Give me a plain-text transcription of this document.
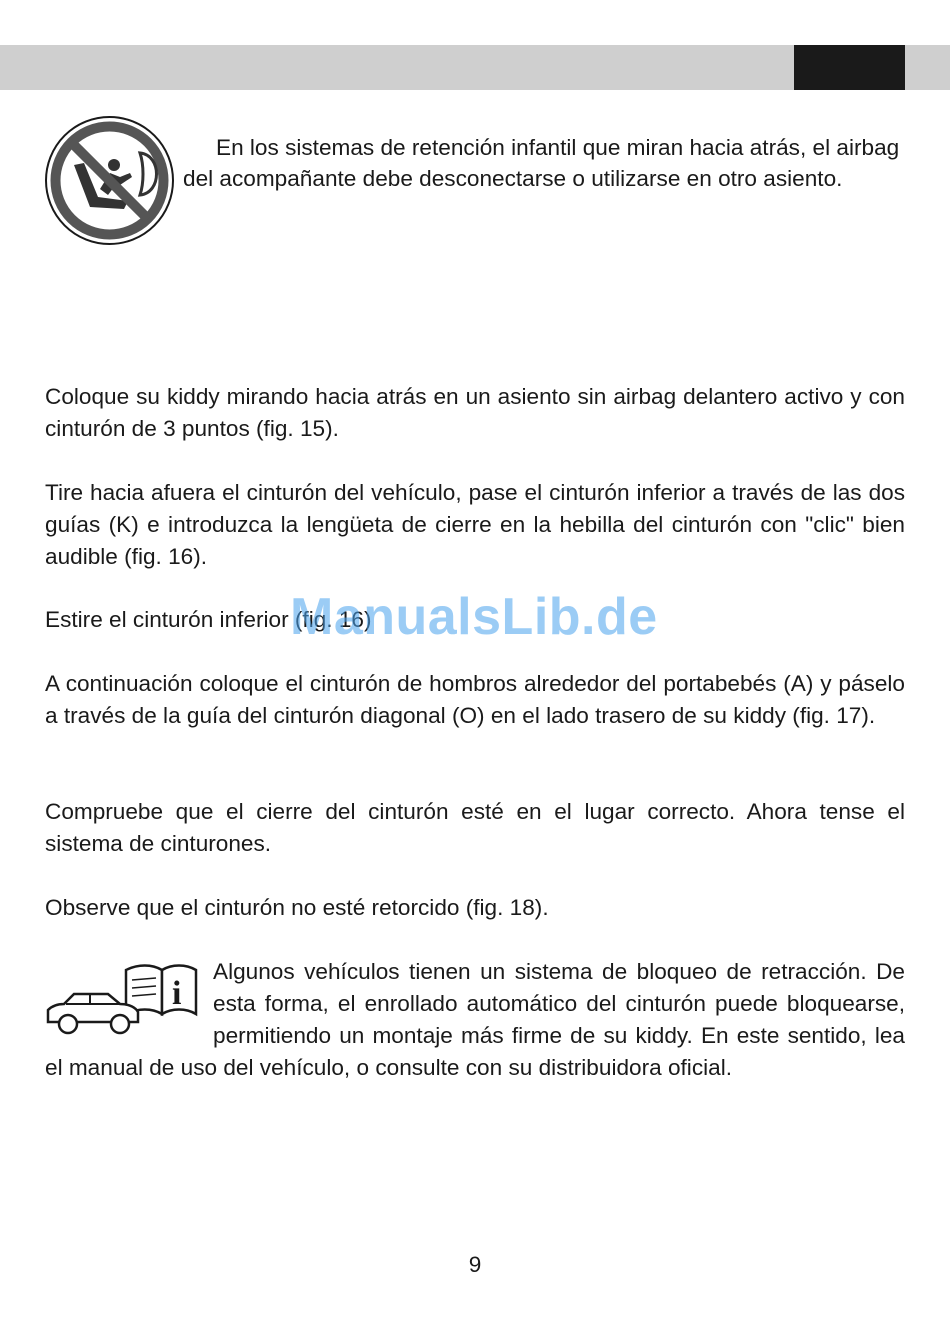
En los sistemas de retención infantil que miran hacia atrás, el airbag del acompañante debe desconectarse o utilizarse en otro asiento.

Coloque su kiddy mirando hacia atrás en un asiento sin airbag delantero activo y con cinturón de 3 puntos (fig. 15).

Tire hacia afuera el cinturón del vehículo, pase el cinturón inferior a través de las dos guías (K) e introduzca la lengüeta de cierre en la hebilla del cinturón con "clic" bien audible (fig. 16).

Estire el cinturón inferior (fig. 16)

A continuación coloque el cinturón de hombros alrededor del portabebés (A) y páselo a través de la guía del cinturón diagonal (O) en el lado trasero de su kiddy (fig. 17).

Compruebe que el cierre del cinturón esté en el lugar correcto. Ahora tense el sistema de cinturones.

Observe que el cinturón no esté retorcido (fig. 18).

i

Algunos vehículos tienen un sistema de bloqueo de retracción. De esta forma, el enrollado automático del cinturón puede bloquearse, permitiendo un montaje más firme de su kiddy. En este sentido, lea el manual de uso del vehículo, o consulte con su distribuidora oficial.

ManualsLib.de
9
